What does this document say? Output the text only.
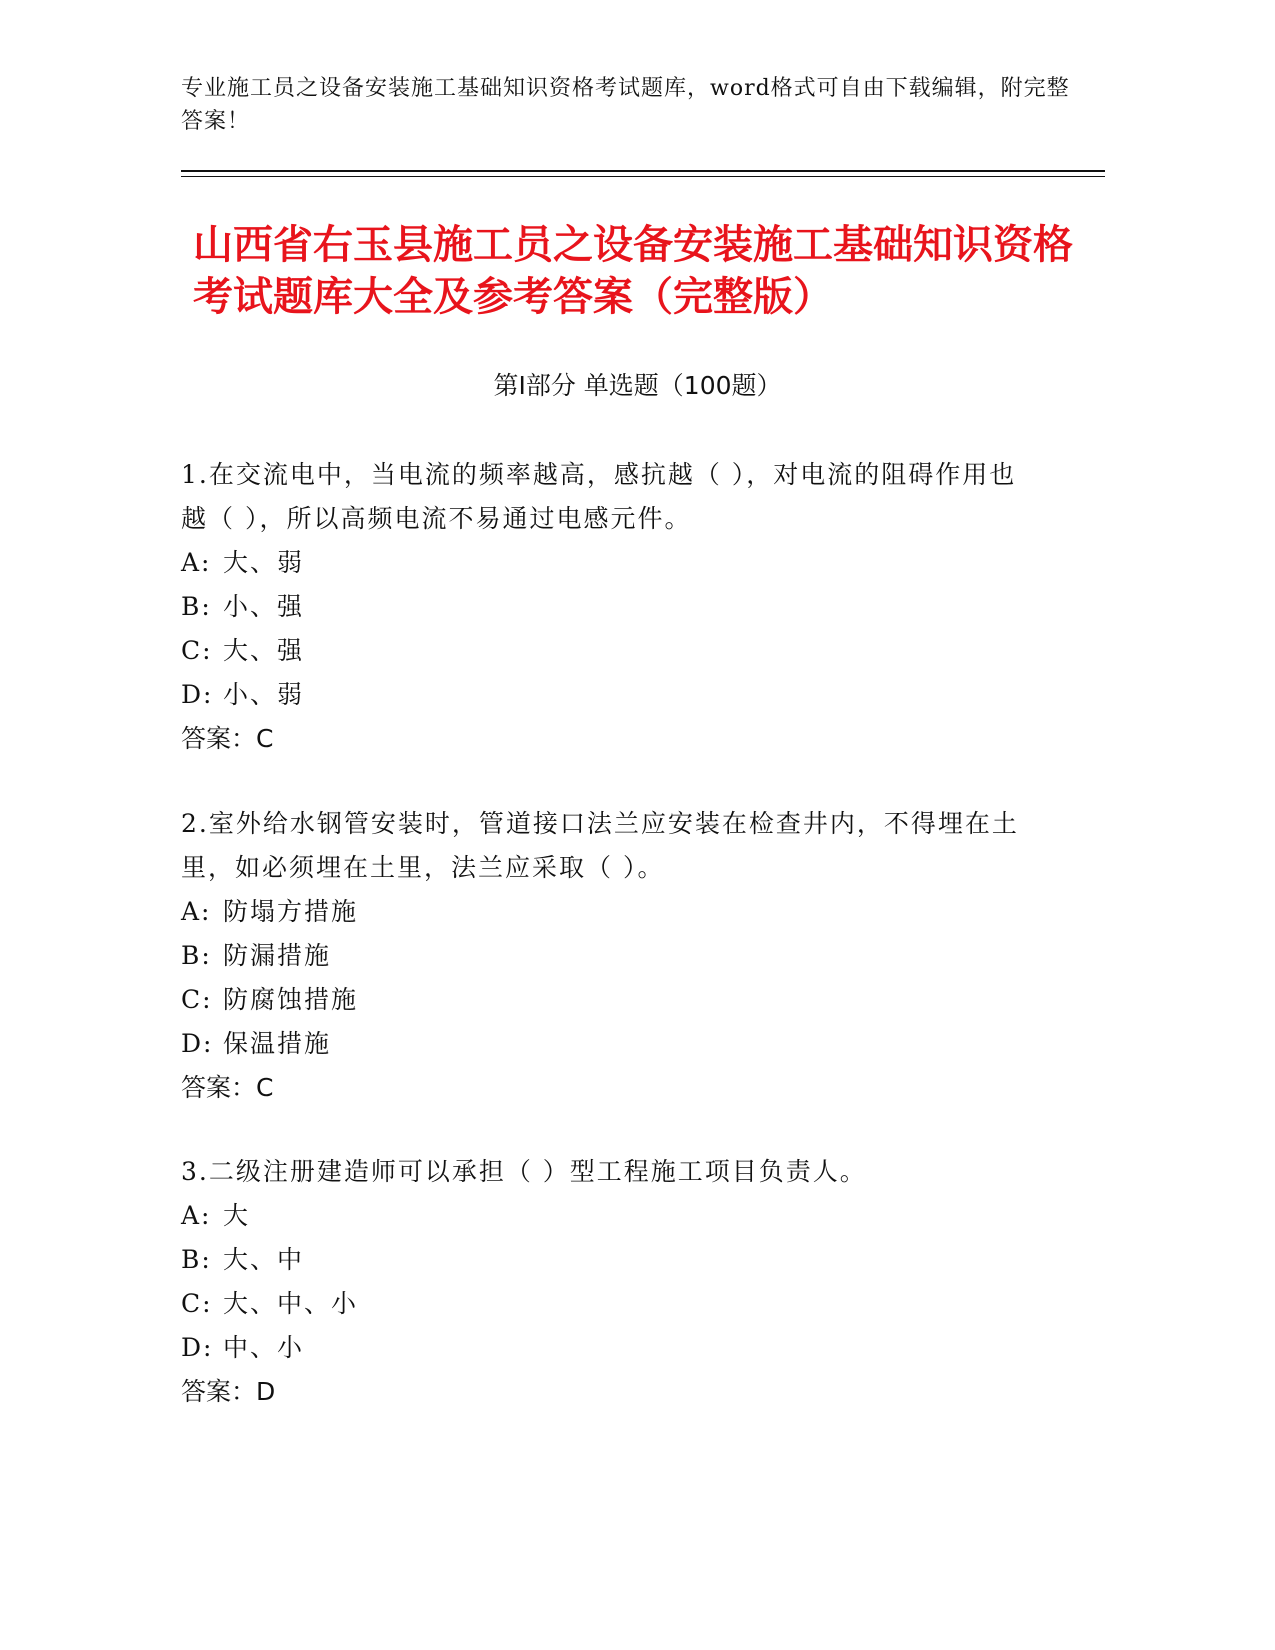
专业施工员之设备安装施工基础知识资格考试题库，word格式可自由下载编辑，附完整答案！
山西省右玉县施工员之设备安装施工基础知识资格考试题库大全及参考答案（完整版）
第Ⅰ部分 单选题（100题）
1.在交流电中，当电流的频率越高，感抗越（ ），对电流的阻碍作用也越（ ），所以高频电流不易通过电感元件。
A: 大、弱
B: 小、强
C: 大、强
D: 小、弱
答案：C
2.室外给水钢管安装时，管道接口法兰应安装在检查井内，不得埋在土里，如必须埋在土里，法兰应采取（ ）。
A: 防塌方措施
B: 防漏措施
C: 防腐蚀措施
D: 保温措施
答案：C
3.二级注册建造师可以承担（ ）型工程施工项目负责人。
A: 大
B: 大、中
C: 大、中、小
D: 中、小
答案：D
